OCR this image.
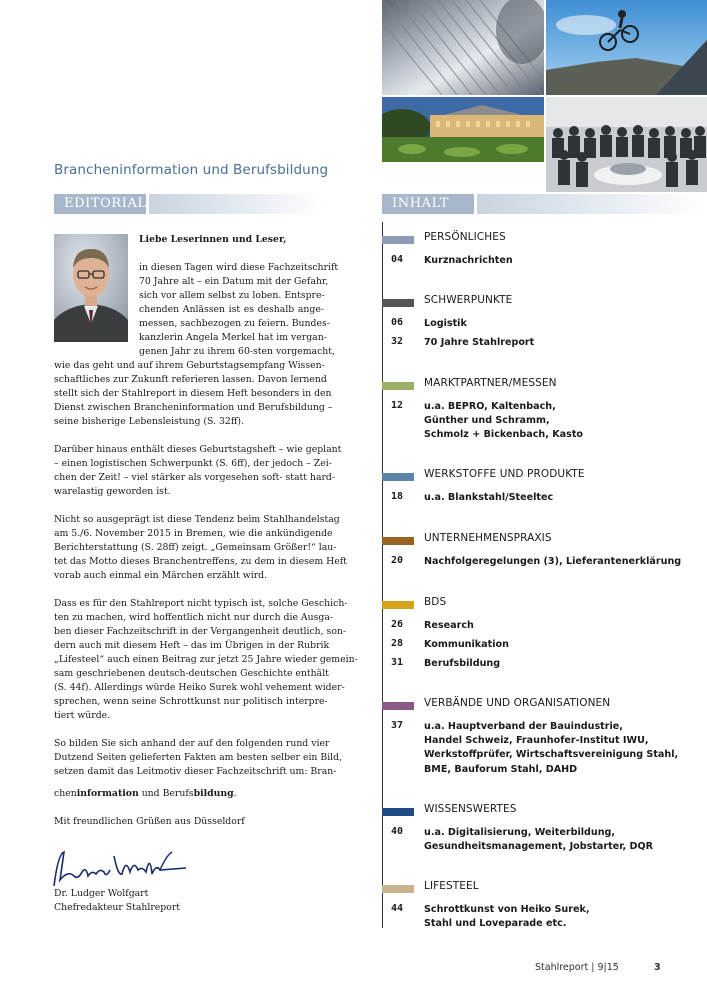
Brancheninformation und Berufsbildung
EDITORIAL	INHALT
Liebe Leserinnen und Leser,
in diesen Tagen wird diese Fachzeitschrift
70 Jahre alt – ein Datum mit der Gefahr,
sich vor allem selbst zu loben. Entspre-
chenden Anlässen ist es deshalb ange-
messen, sachbezogen zu feiern. Bundes-
kanzlerin Angela Merkel hat im vergan-
genen Jahr zu ihrem 60-sten vorgemacht,
wie das geht und auf ihrem Geburtstagsempfang Wissen-
schaftliches zur Zukunft referieren lassen. Davon lernend
stellt sich der Stahlreport in diesem Heft besonders in den
Dienst zwischen Brancheninformation und Berufsbildung –
seine bisherige Lebensleistung (S. 32ff).
Darüber hinaus enthält dieses Geburtstagsheft – wie geplant
– einen logistischen Schwerpunkt (S. 6ff), der jedoch – Zei-
chen der Zeit! – viel stärker als vorgesehen soft- statt hard-
warelastig geworden ist.
Nicht so ausgeprägt ist diese Tendenz beim Stahlhandelstag
am 5./6. November 2015 in Bremen, wie die ankündigende
Berichterstattung (S. 28ff) zeigt. „Gemeinsam Größer!“ lau-
tet das Motto dieses Branchentreffens, zu dem in diesem Heft
vorab auch einmal ein Märchen erzählt wird.
Dass es für den Stahlreport nicht typisch ist, solche Geschich-
ten zu machen, wird hoffentlich nicht nur durch die Ausga-
ben dieser Fachzeitschrift in der Vergangenheit deutlich, son-
dern auch mit diesem Heft – das im Übrigen in der Rubrik
„Lifesteel“ auch einen Beitrag zur jetzt 25 Jahre wieder gemein-
sam geschriebenen deutsch-deutschen Geschichte enthält
(S. 44f). Allerdings würde Heiko Surek wohl vehement wider-
sprechen, wenn seine Schrottkunst nur politisch interpre-
tiert würde.
So bilden Sie sich anhand der auf den folgenden rund vier
Dutzend Seiten gelieferten Fakten am besten selber ein Bild,
setzen damit das Leitmotiv dieser Fachzeitschrift um: Bran-
cheninformation und Berufsbildung.
Mit freundlichen Grüßen aus Düsseldorf
Dr. Ludger Wolfgart
Chefredakteur Stahlreport
PERSÖNLICHES
04 Kurznachrichten
SCHWERPUNKTE
06 Logistik
32 70 Jahre Stahlreport
MARKTPARTNER/MESSEN
12 u.a. BEPRO, Kaltenbach,
Günther und Schramm,
Schmolz + Bickenbach, Kasto
WERKSTOFFE UND PRODUKTE
18 u.a. Blankstahl/Steeltec
UNTERNEHMENSPRAXIS
20 Nachfolgeregelungen (3), Lieferantenerklärung
BDS
26 Research
28 Kommunikation
31 Berufsbildung
VERBÄNDE UND ORGANISATIONEN
37 u.a. Hauptverband der Bauindustrie,
Handel Schweiz, Fraunhofer-Institut IWU,
Werkstoffprüfer, Wirtschaftsvereinigung Stahl,
BME, Bauforum Stahl, DAHD
WISSENSWERTES
40 u.a. Digitalisierung, Weiterbildung,
Gesundheitsmanagement, Jobstarter, DQR
LIFESTEEL
44 Schrottkunst von Heiko Surek,
Stahl und Loveparade etc.
Stahlreport | 9|15	3
